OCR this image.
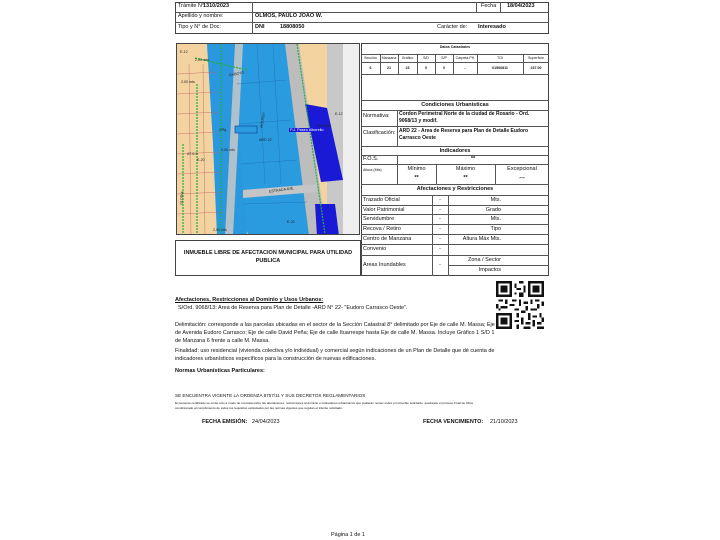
Trámite N°:
1310/2023	Fecha 18/04/2023
Apellido y nombre:	OLMOS, PAULO JOAO W.
Tipo y N° de Doc:	DNI	18808050	Carácter de: Interesado
E-12
2,00 mts
GABOTO
2,00 mts
MOUSSY
23ªg
ARD 22
AT 0-9
E-20
2,00 mts
E-12
P.J. Paseo Alberello
FIS-DEC
GLORIA
ESTRADA AVE
E-20
2,00 mts
INMUEBLE LIBRE DE AFECTACION MUNICIPAL PARA UTILIDAD PUBLICA
Datos Catastrales
Sección	Manzana	Gráfico	S/D	S/P	Carpeta PH	TGI	Superficie
6	21	23	0	0	-	61506811	237.00
Condiciones Urbanísticas
Normativa: Cordon Perimetral Norte de la ciudad de Rosario - Ord. 9068/13 y modif.
Clasificación: ARD 22 - Area de Reserva para Plan de Detalle Eudoro Carrasco Oeste
Indicadores
F.O.S.	**
Altura (Mts)	Mínimo	Máximo	Excepcional
**	**	---
Afectaciones y Restricciones
Trazado Oficial	-	Mts.
Valor Patrimonial	-	Grado
Servidumbre	-	Mts.
Recova / Retiro	-	Tipo
Centro de Manzana	-	Altura Máx Mts.
Convenio	-
Areas Inundables	-
Zona / Sector
Impactos
Afectaciones, Restricciones al Dominio y Usos Urbanos:
S/Ord. 9068/13: Area de Reserva para Plan de Detalle -ARD N° 22- "Eudoro Carrasco Oeste".
Delimitación: corresponde a las parcelas ubicadas en el sector de la Sección Catastral 8° delimitado por Eje de calle M. Massa; Eje
de Avenida Eudoro Carrasco; Eje de calle David Peña; Eje de calle Ituarrespe hasta Eje de calle M. Massa. Incluye Gráfico 1 S/D 1
de Manzana 6 frente a calle M. Massa.
Finalidad: uso residencial (vivienda colectiva y/o individual) y comercial según indicaciones de un Plan de Detalle que dé cuenta de
indicadores urbanísticos específicos para la construcción de nuevas edificaciones.
Normas Urbanísticas Particulares:
SE ENCUENTRA VIGENTE LA ORDENZA 8757/11 Y SUS DECRETOS REGLAMENTARIOS
El presente certificado se emite solo a modo de consulta sobre las afectaciones, restricciones al dominio e indicadores urbanísticos que pudieran recaer sobre el inmueble solicitado, quedando el proceso Final de Obra
condicionado al cumplimiento de todos los requisitos estipulados por las normas vigentes que regulan el trámite solicitado.
FECHA EMISIÓN: 24/04/2023	FECHA VENCIMIENTO: 21/10/2023
Página 1 de 1
